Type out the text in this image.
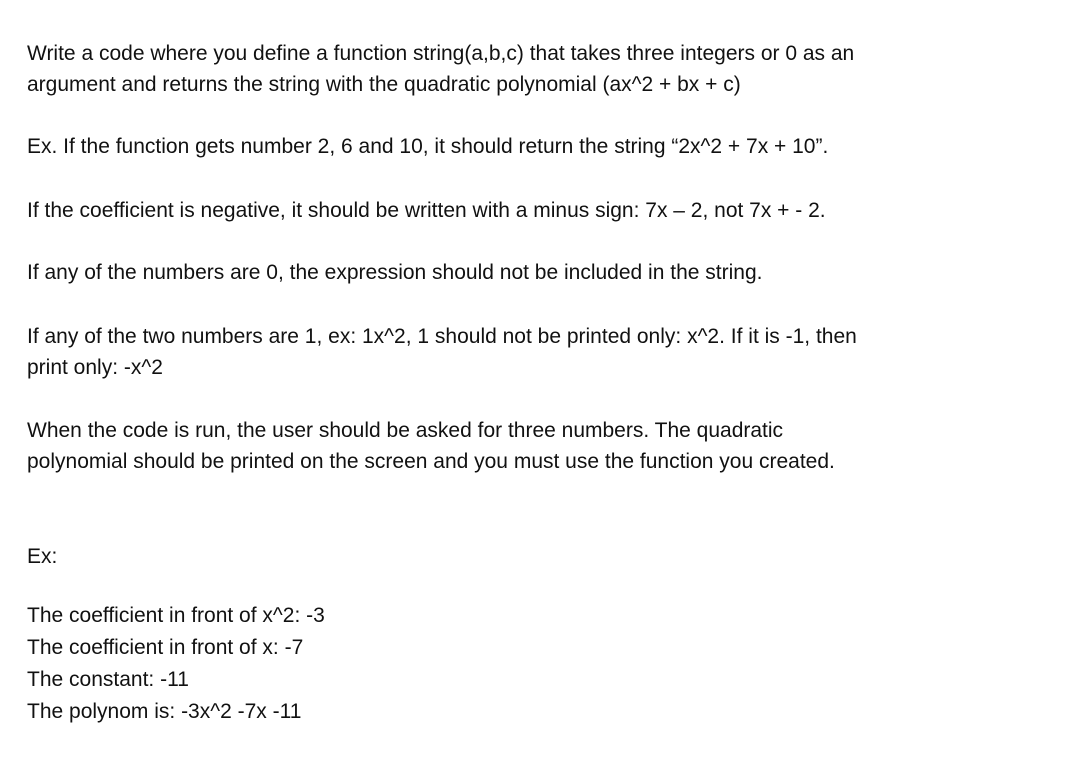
Write a code where you define a function string(a,b,c) that takes three integers or 0 as an
argument and returns the string with the quadratic polynomial (ax^2 + bx + c)

Ex. If the function gets number 2, 6 and 10, it should return the string “2x^2 + 7x + 10”.

If the coefficient is negative, it should be written with a minus sign: 7x – 2, not 7x + - 2.

If any of the numbers are 0, the expression should not be included in the string.

If any of the two numbers are 1, ex: 1x^2, 1 should not be printed only: x^2. If it is -1, then
print only: -x^2

When the code is run, the user should be asked for three numbers. The quadratic
polynomial should be printed on the screen and you must use the function you created.

Ex:

The coefficient in front of x^2: -3
The coefficient in front of x: -7
The constant: -11
The polynom is: -3x^2 -7x -11
